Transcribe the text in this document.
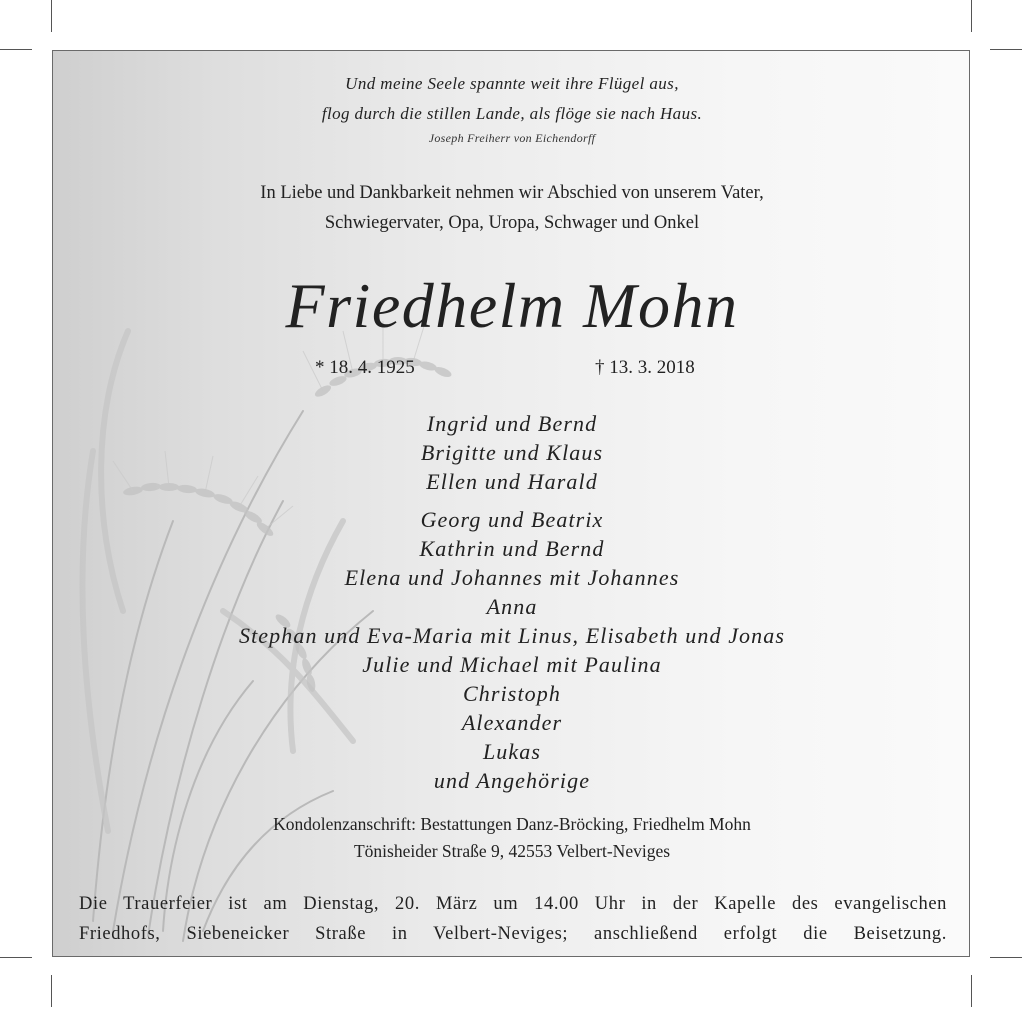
Und meine Seele spannte weit ihre Flügel aus,
flog durch die stillen Lande, als flöge sie nach Haus.
Joseph Freiherr von Eichendorff
In Liebe und Dankbarkeit nehmen wir Abschied von unserem Vater,
Schwiegervater, Opa, Uropa, Schwager und Onkel
Friedhelm Mohn
* 18. 4. 1925	† 13. 3. 2018
Ingrid und Bernd
Brigitte und Klaus
Ellen und Harald
Georg und Beatrix
Kathrin und Bernd
Elena und Johannes mit Johannes
Anna
Stephan und Eva-Maria mit Linus, Elisabeth und Jonas
Julie und Michael mit Paulina
Christoph
Alexander
Lukas
und Angehörige
Kondolenzanschrift: Bestattungen Danz-Bröcking, Friedhelm Mohn
Tönisheider Straße 9, 42553 Velbert-Neviges
Die Trauerfeier ist am Dienstag, 20. März um 14.00 Uhr in der Kapelle des evangelischen
Friedhofs, Siebeneicker Straße in Velbert-Neviges; anschließend erfolgt die Beisetzung.
